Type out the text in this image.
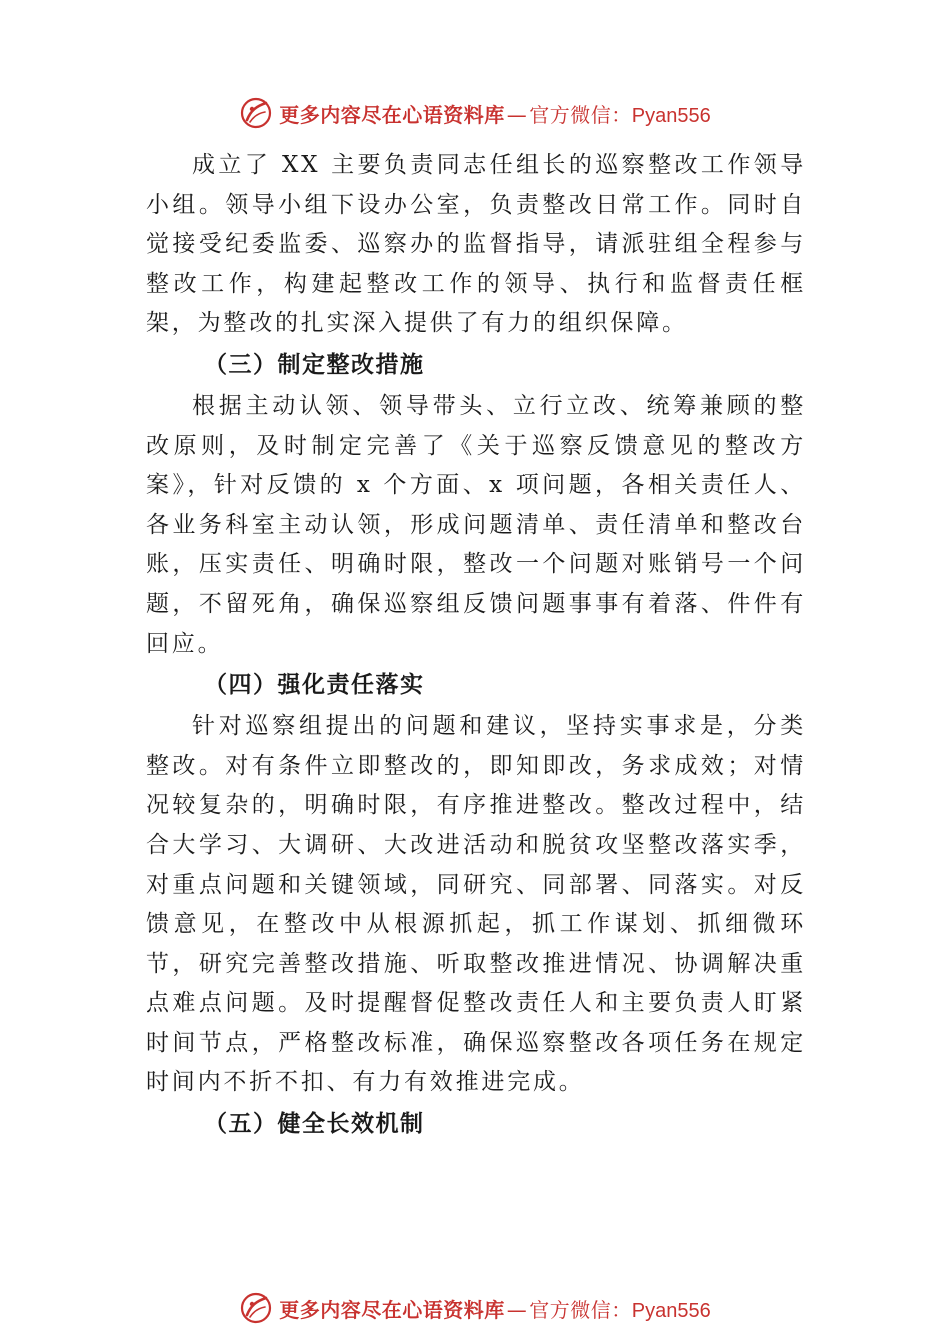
更多内容尽在心语资料库 — 官方微信： Pyan556

成立了 XX 主要负责同志任组长的巡察整改工作领导小组。领导小组下设办公室，负责整改日常工作。同时自觉接受纪委监委、巡察办的监督指导，请派驻组全程参与整改工作，构建起整改工作的领导、执行和监督责任框架，为整改的扎实深入提供了有力的组织保障。

（三）制定整改措施

根据主动认领、领导带头、立行立改、统筹兼顾的整改原则，及时制定完善了《关于巡察反馈意见的整改方案》，针对反馈的 x 个方面、x 项问题，各相关责任人、各业务科室主动认领，形成问题清单、责任清单和整改台账，压实责任、明确时限，整改一个问题对账销号一个问题，不留死角，确保巡察组反馈问题事事有着落、件件有回应。

（四）强化责任落实

针对巡察组提出的问题和建议，坚持实事求是，分类整改。对有条件立即整改的，即知即改，务求成效；对情况较复杂的，明确时限，有序推进整改。整改过程中，结合大学习、大调研、大改进活动和脱贫攻坚整改落实季，对重点问题和关键领域，同研究、同部署、同落实。对反馈意见，在整改中从根源抓起，抓工作谋划、抓细微环节，研究完善整改措施、听取整改推进情况、协调解决重点难点问题。及时提醒督促整改责任人和主要负责人盯紧时间节点，严格整改标准，确保巡察整改各项任务在规定时间内不折不扣、有力有效推进完成。

（五）健全长效机制
更多内容尽在心语资料库 — 官方微信： Pyan556
